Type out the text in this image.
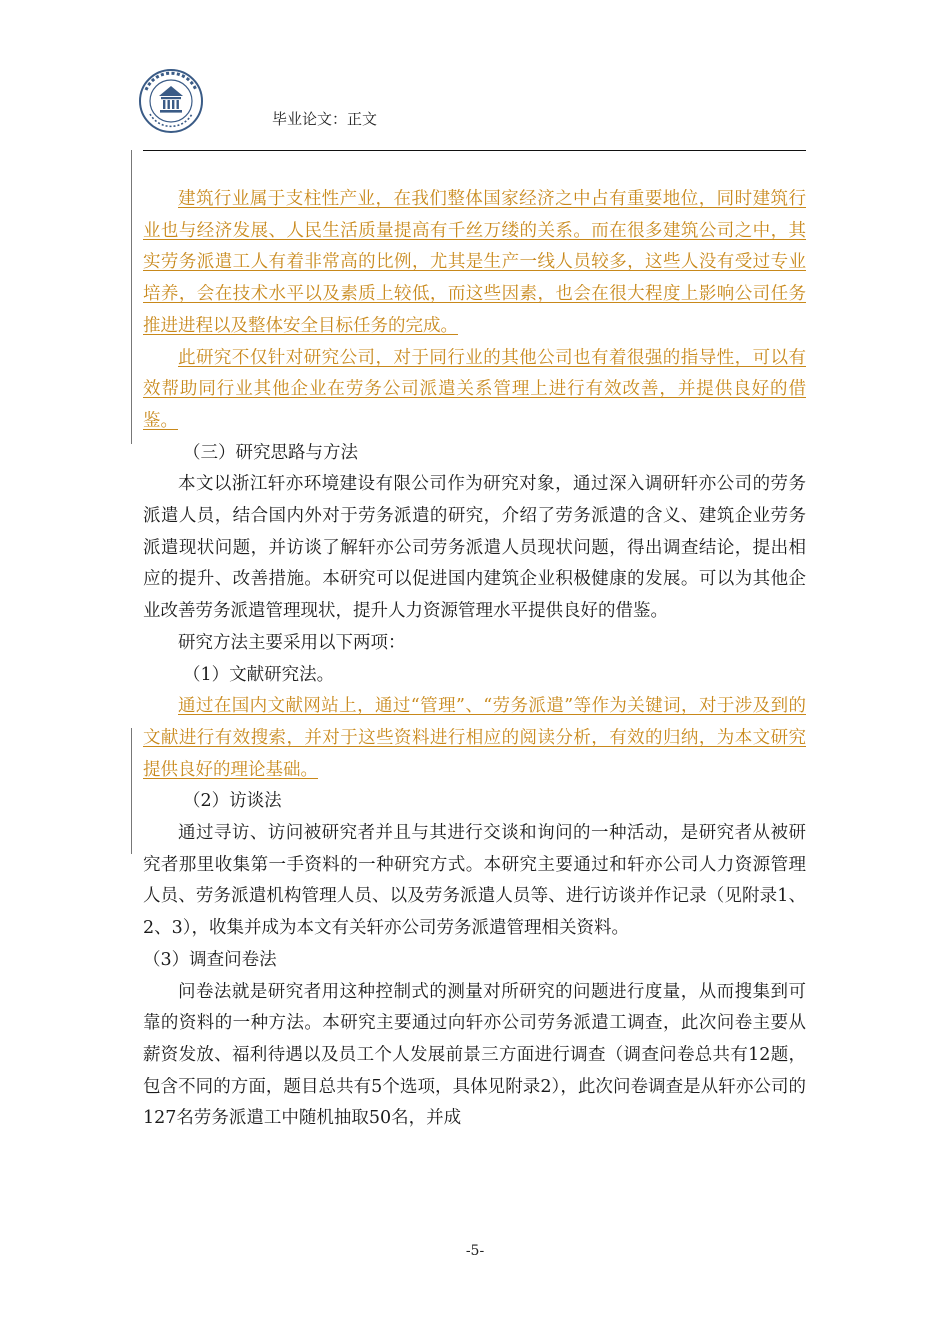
毕业论文：正文

建筑行业属于支柱性产业，在我们整体国家经济之中占有重要地位，同时建筑行业也与经济发展、人民生活质量提高有千丝万缕的关系。而在很多建筑公司之中，其实劳务派遣工人有着非常高的比例，尤其是生产一线人员较多，这些人没有受过专业培养，会在技术水平以及素质上较低，而这些因素，也会在很大程度上影响公司任务推进进程以及整体安全目标任务的完成。

此研究不仅针对研究公司，对于同行业的其他公司也有着很强的指导性，可以有效帮助同行业其他企业在劳务公司派遣关系管理上进行有效改善，并提供良好的借鉴。

（三）研究思路与方法

本文以浙江轩亦环境建设有限公司作为研究对象，通过深入调研轩亦公司的劳务派遣人员，结合国内外对于劳务派遣的研究，介绍了劳务派遣的含义、建筑企业劳务派遣现状问题，并访谈了解轩亦公司劳务派遣人员现状问题，得出调查结论，提出相应的提升、改善措施。本研究可以促进国内建筑企业积极健康的发展。可以为其他企业改善劳务派遣管理现状，提升人力资源管理水平提供良好的借鉴。

研究方法主要采用以下两项：

（1）文献研究法。

通过在国内文献网站上，通过“管理”、“劳务派遣”等作为关键词，对于涉及到的文献进行有效搜索，并对于这些资料进行相应的阅读分析，有效的归纳，为本文研究提供良好的理论基础。

（2）访谈法

通过寻访、访问被研究者并且与其进行交谈和询问的一种活动，是研究者从被研究者那里收集第一手资料的一种研究方式。本研究主要通过和轩亦公司人力资源管理人员、劳务派遣机构管理人员、以及劳务派遣人员等、进行访谈并作记录（见附录1、2、3），收集并成为本文有关轩亦公司劳务派遣管理相关资料。

（3）调查问卷法

问卷法就是研究者用这种控制式的测量对所研究的问题进行度量，从而搜集到可靠的资料的一种方法。本研究主要通过向轩亦公司劳务派遣工调查，此次问卷主要从薪资发放、福利待遇以及员工个人发展前景三方面进行调查（调查问卷总共有12题，包含不同的方面，题目总共有5个选项，具体见附录2），此次问卷调查是从轩亦公司的127名劳务派遣工中随机抽取50名，并成

-5-
